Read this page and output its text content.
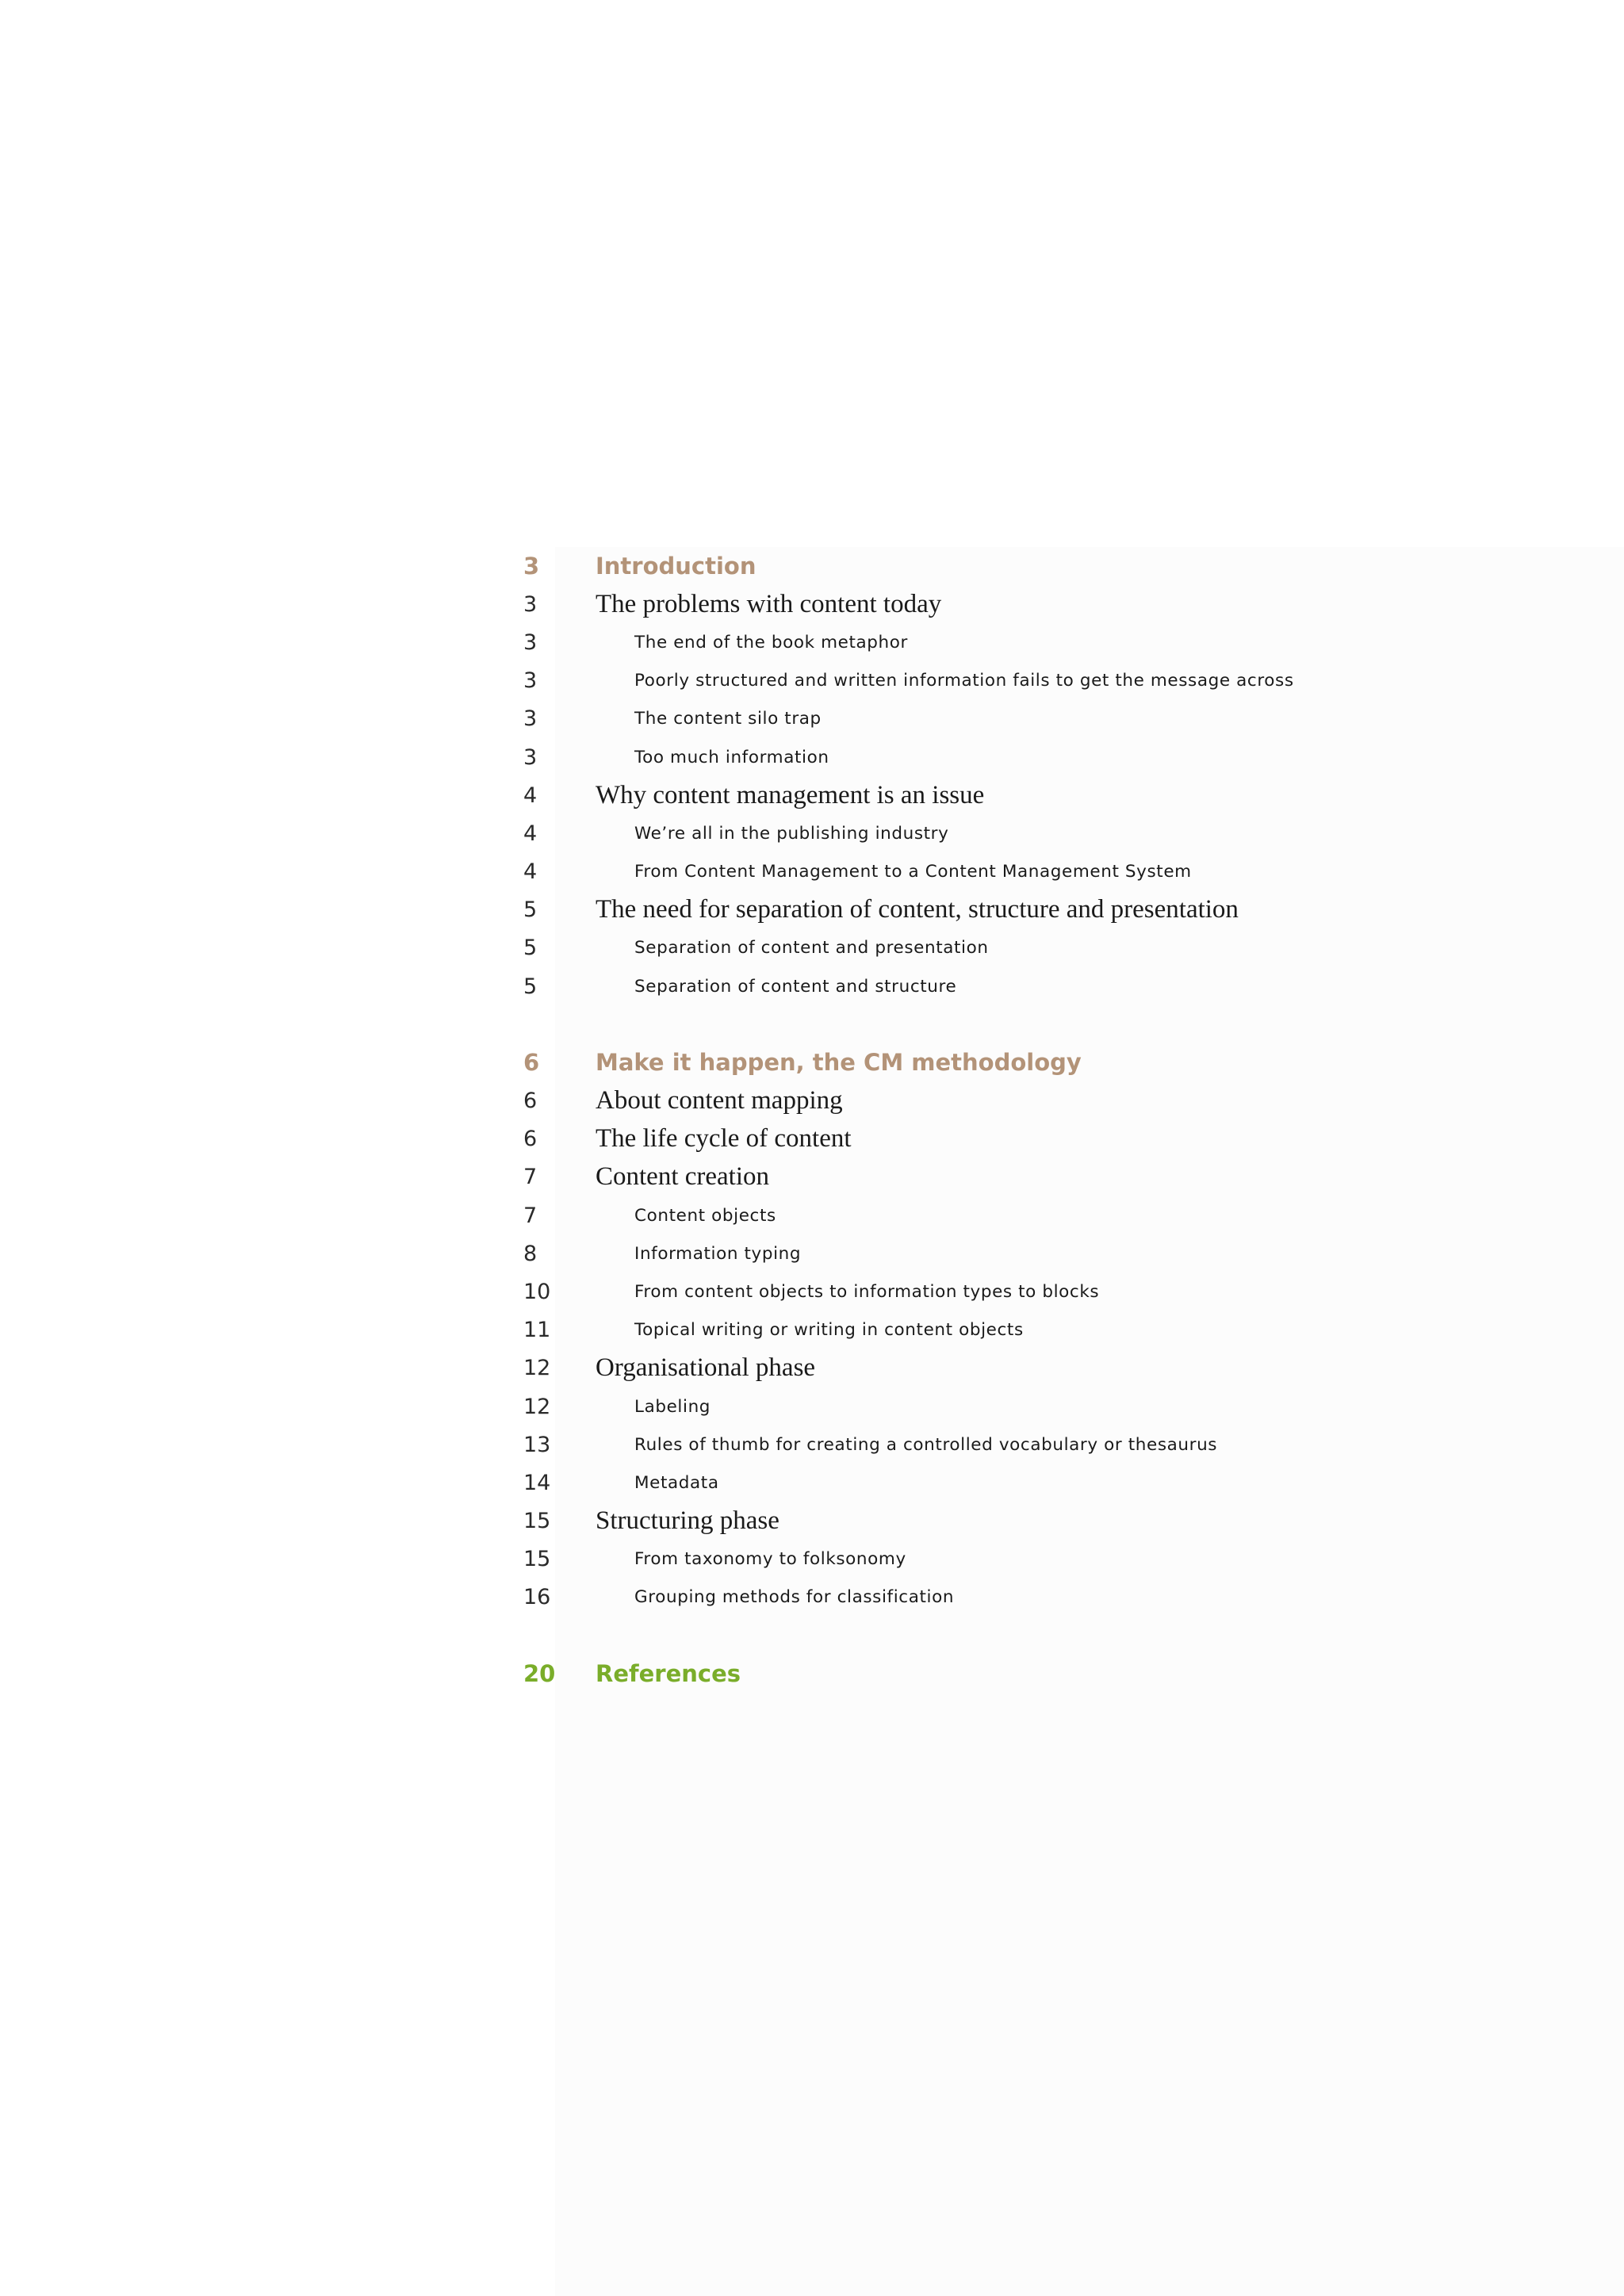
3	Introduction
3	The problems with content today
3	The end of the book metaphor
3	Poorly structured and written information fails to get the message across
3	The content silo trap
3	Too much information
4	Why content management is an issue
4	We’re all in the publishing industry
4	From Content Management to a Content Management System
5	The need for separation of content, structure and presentation
5	Separation of content and presentation
5	Separation of content and structure
6	Make it happen, the CM methodology
6	About content mapping
6	The life cycle of content
7	Content creation
7	Content objects
8	Information typing
10	From content objects to information types to blocks
11	Topical writing or writing in content objects
12	Organisational phase
12	Labeling
13	Rules of thumb for creating a controlled vocabulary or thesaurus
14	Metadata
15	Structuring phase
15	From taxonomy to folksonomy
16	Grouping methods for classification
20	References
